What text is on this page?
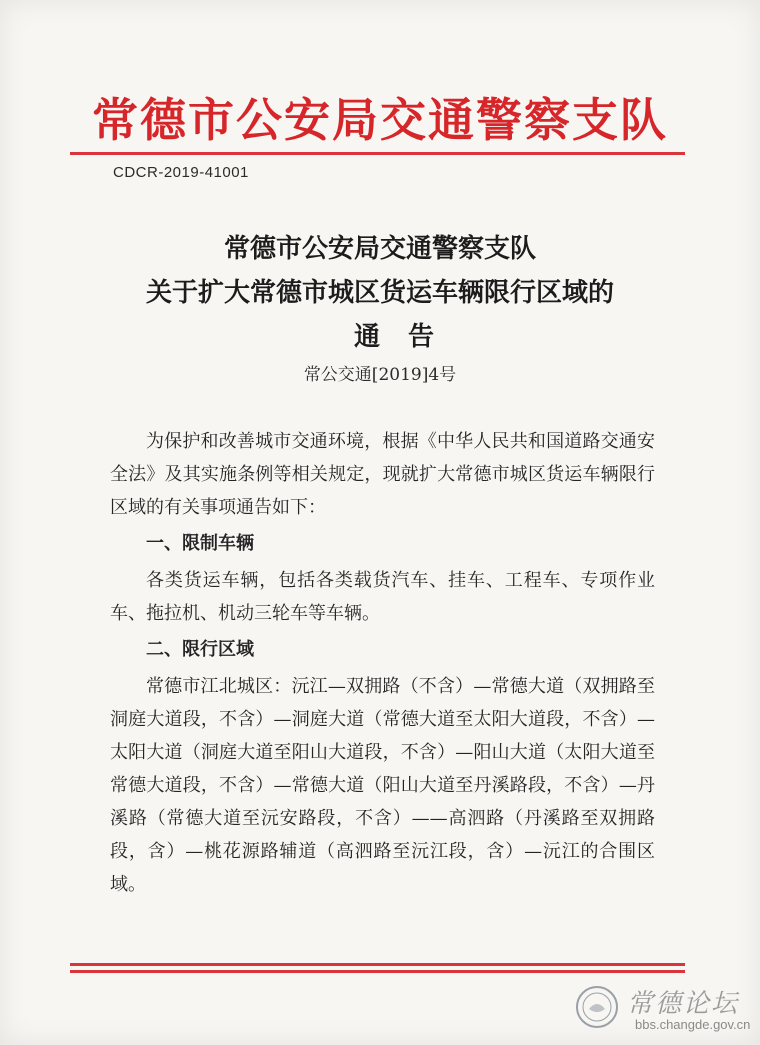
常德市公安局交通警察支队
CDCR-2019-41001
常德市公安局交通警察支队
关于扩大常德市城区货运车辆限行区域的
通告
常公交通[2019]4号

为保护和改善城市交通环境，根据《中华人民共和国道路交通安全法》及其实施条例等相关规定，现就扩大常德市城区货运车辆限行区域的有关事项通告如下：

一、限制车辆

各类货运车辆，包括各类载货汽车、挂车、工程车、专项作业车、拖拉机、机动三轮车等车辆。

二、限行区域

常德市江北城区：沅江—双拥路（不含）—常德大道（双拥路至洞庭大道段，不含）—洞庭大道（常德大道至太阳大道段，不含）—太阳大道（洞庭大道至阳山大道段，不含）—阳山大道（太阳大道至常德大道段，不含）—常德大道（阳山大道至丹溪路段，不含）—丹溪路（常德大道至沅安路段，不含）——高泗路（丹溪路至双拥路段，含）—桃花源路辅道（高泗路至沅江段，含）—沅江的合围区域。

常德论坛
bbs.changde.gov.cn
